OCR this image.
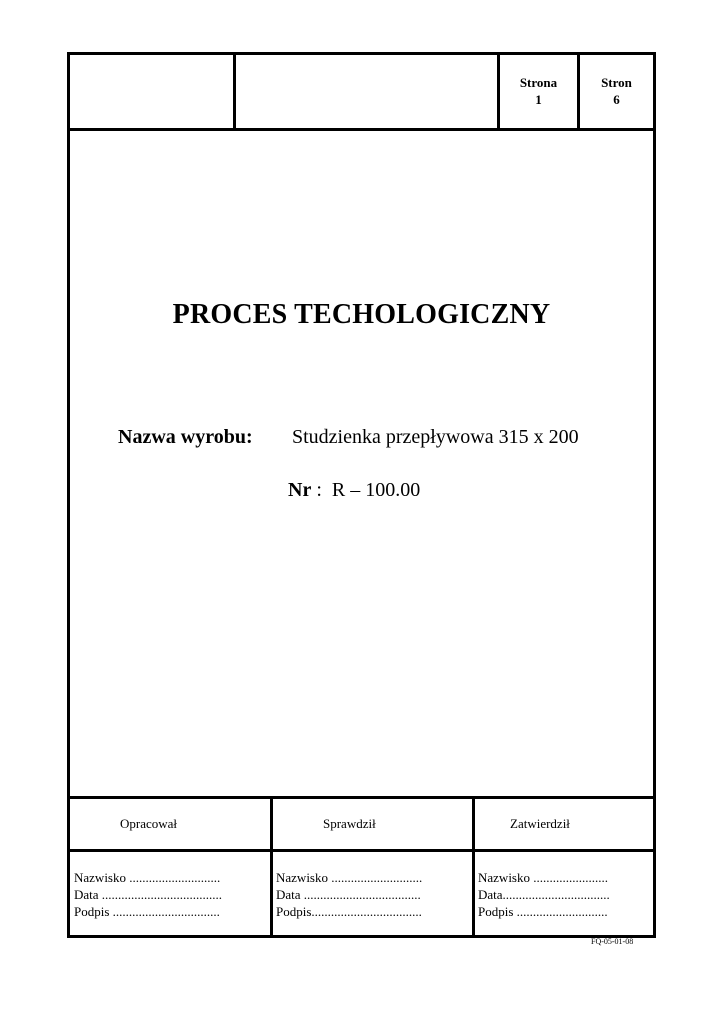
Strona
1
Stron
6
PROCES TECHOLOGICZNY
Nazwa wyrobu: Studzienka przepływowa 315 x 200
Nr : R – 100.00
Opracował	Sprawdził	Zatwierdził
Nazwisko ............................
Data .....................................
Podpis .................................
Nazwisko ............................
Data ....................................
Podpis..................................
Nazwisko .......................
Data.................................
Podpis ............................
FQ-05-01-08
